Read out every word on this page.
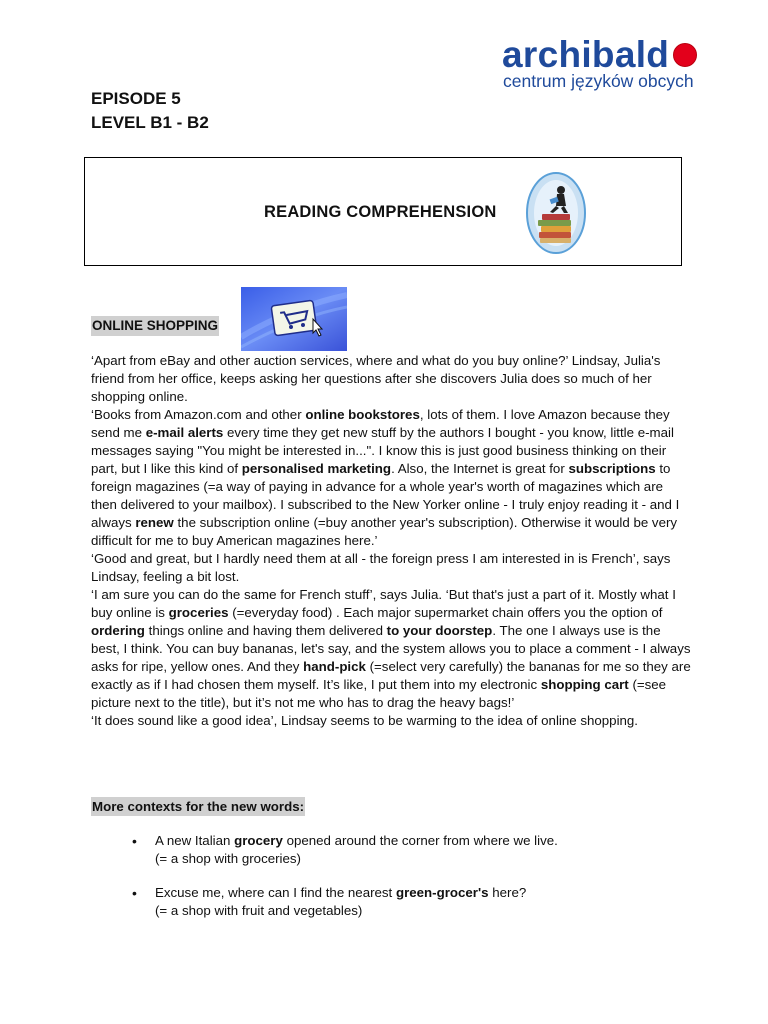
archibald
centrum języków obcych
EPISODE 5
LEVEL B1 - B2
READING COMPREHENSION
ONLINE SHOPPING

‘Apart from eBay and other auction services, where and what do you buy online?’ Lindsay, Julia's friend from her office, keeps asking her questions after she discovers Julia does so much of her shopping online.

‘Books from Amazon.com and other online bookstores, lots of them. I love Amazon because they send me e-mail alerts every time they get new stuff by the authors I bought - you know, little e-mail messages saying "You might be interested in...". I know this is just good business thinking on their part, but I like this kind of personalised marketing. Also, the Internet is great for subscriptions to foreign magazines (=a way of paying in advance for a whole year's worth of magazines which are then delivered to your mailbox). I subscribed to the New Yorker online - I truly enjoy reading it - and I always renew the subscription online (=buy another year's subscription). Otherwise it would be very difficult for me to buy American magazines here.’

‘Good and great, but I hardly need them at all - the foreign press I am interested in is French’, says Lindsay, feeling a bit lost.

‘I am sure you can do the same for French stuff’, says Julia. ‘But that's just a part of it. Mostly what I buy online is groceries (=everyday food) . Each major supermarket chain offers you the option of ordering things online and having them delivered to your doorstep. The one I always use is the best, I think. You can buy bananas, let's say, and the system allows you to place a comment - I always asks for ripe, yellow ones. And they hand-pick (=select very carefully) the bananas for me so they are exactly as if I had chosen them myself. It’s like, I put them into my electronic shopping cart (=see picture next to the title), but it’s not me who has to drag the heavy bags!’

‘It does sound like a good idea’, Lindsay seems to be warming to the idea of online shopping.

More contexts for the new words:
• A new Italian grocery opened around the corner from where we live.
(= a shop with groceries)
• Excuse me, where can I find the nearest green-grocer's here?
(= a shop with fruit and vegetables)
